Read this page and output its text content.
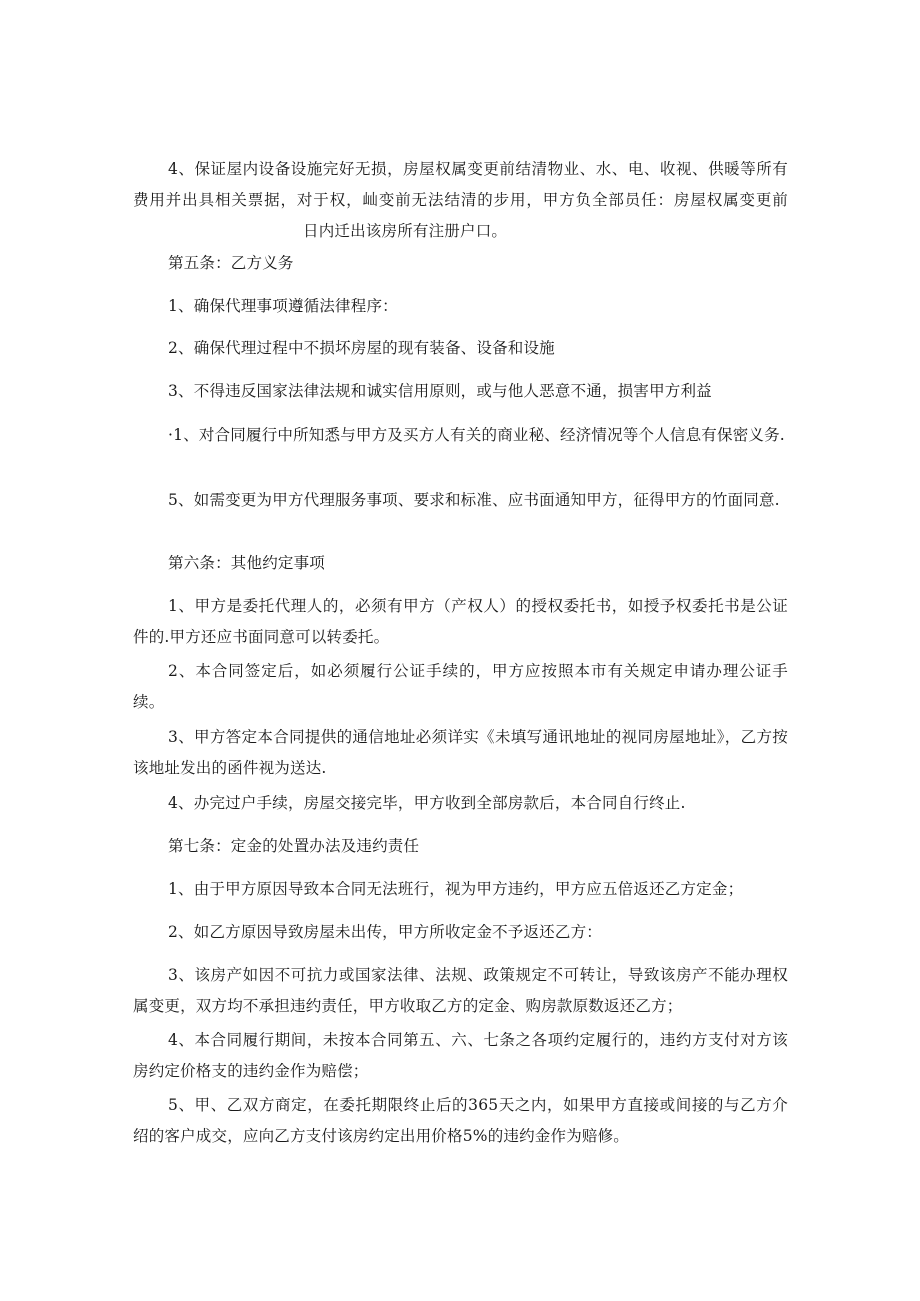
4、保证屋内设备设施完好无损，房屋权属变更前结清物业、水、电、收视、供暖等所有费用并出具相关票据，对于权，屾变前无法结清的步用，甲方负全部员任：房屋权属变更前日内迁出该房所有注册户口。

第五条：乙方义务

1、确保代理事项遵循法律程序：

2、确保代理过程中不损坏房屋的现有装备、设备和设施

3、不得违反国家法律法规和诚实信用原则，或与他人恶意不通，损害甲方利益

·1、对合同履行中所知悉与甲方及买方人有关的商业秘、经济情况等个人信息有保密义务.

5、如需变更为甲方代理服务事项、要求和标准、应书面通知甲方，征得甲方的竹面同意.

第六条：其他约定事项

1、甲方是委托代理人的，必须有甲方（产权人）的授权委托书，如授予权委托书是公证件的.甲方还应书面同意可以转委托。

2、本合同签定后，如必须履行公证手续的，甲方应按照本市有关规定申请办理公证手续。

3、甲方答定本合同提供的通信地址必须详实《未填写通讯地址的视同房屋地址》，乙方按该地址发出的函件视为送达.

4、办完过户手续，房屋交接完毕，甲方收到全部房款后，本合同自行终止.

第七条：定金的处置办法及违约责任

1、由于甲方原因导致本合同无法班行，视为甲方违约，甲方应五倍返还乙方定金；

2、如乙方原因导致房屋未出传，甲方所收定金不予返还乙方：

3、该房产如因不可抗力或国家法律、法规、政策规定不可转让，导致该房产不能办理权属变更，双方均不承担违约责任，甲方收取乙方的定金、购房款原数返还乙方；

4、本合同履行期间，未按本合同第五、六、七条之各项约定履行的，违约方支付对方该房约定价格支的违约金作为赔偿；

5、甲、乙双方商定，在委托期限终止后的365天之内，如果甲方直接或间接的与乙方介绍的客户成交，应向乙方支付该房约定出用价格5%的违约金作为赔修。
